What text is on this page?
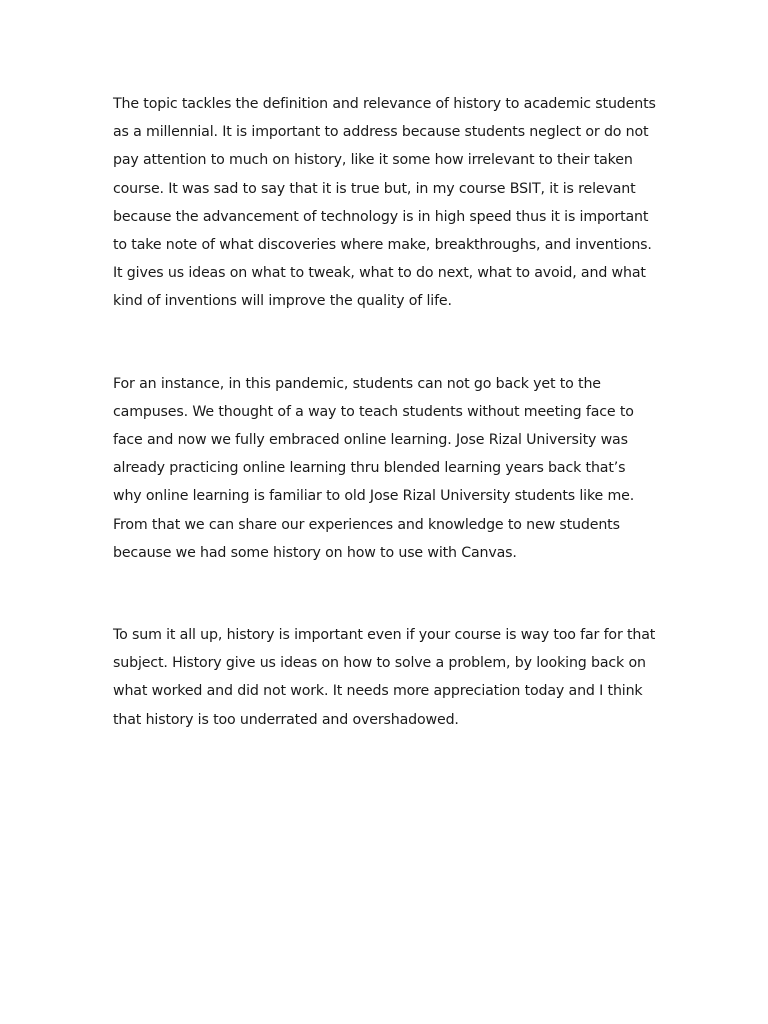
The topic tackles the definition and relevance of history to academic students as a millennial. It is important to address because students neglect or do not pay attention to much on history, like it some how irrelevant to their taken course. It was sad to say that it is true but, in my course BSIT, it is relevant because the advancement of technology is in high speed thus it is important to take note of what discoveries where make, breakthroughs, and inventions. It gives us ideas on what to tweak, what to do next, what to avoid, and what kind of inventions will improve the quality of life.

For an instance, in this pandemic, students can not go back yet to the campuses. We thought of a way to teach students without meeting face to face and now we fully embraced online learning. Jose Rizal University was already practicing online learning thru blended learning years back that’s why online learning is familiar to old Jose Rizal University students like me. From that we can share our experiences and knowledge to new students because we had some history on how to use with Canvas.

To sum it all up, history is important even if your course is way too far for that subject. History give us ideas on how to solve a problem, by looking back on what worked and did not work. It needs more appreciation today and I think that history is too underrated and overshadowed.
